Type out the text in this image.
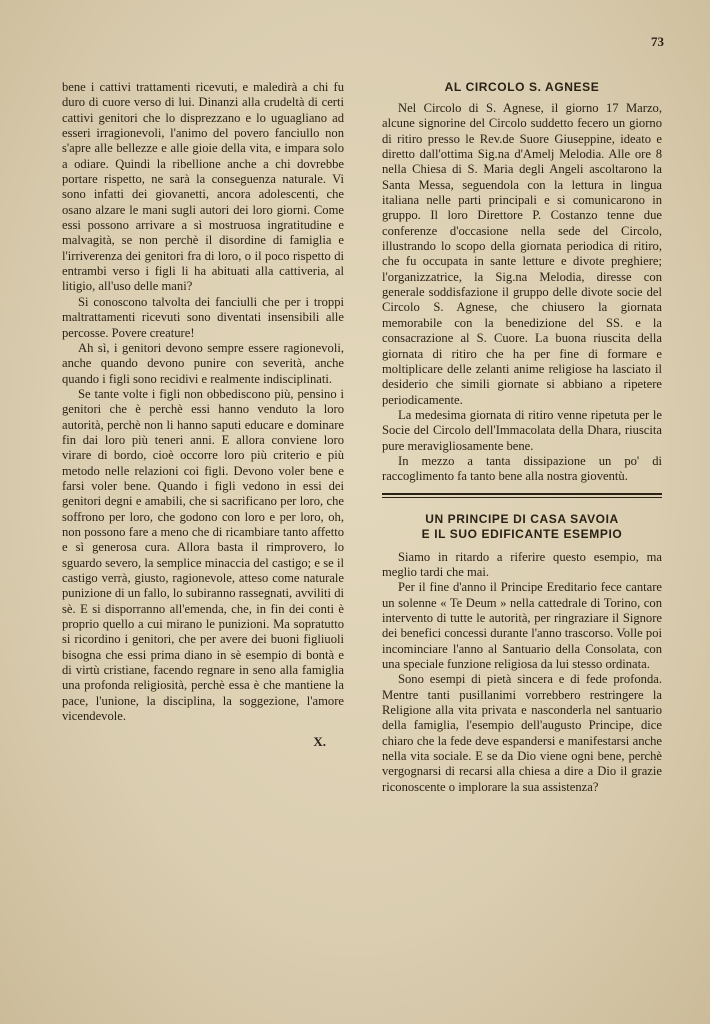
73

bene i cattivi trattamenti ricevuti, e maledirà a chi fu duro di cuore verso di lui. Dinanzi alla crudeltà di certi cattivi genitori che lo disprezzano e lo uguagliano ad esseri irragionevoli, l'animo del povero fanciullo non s'apre alle bellezze e alle gioie della vita, e impara solo a odiare. Quindi la ribellione anche a chi dovrebbe portare rispetto, ne sarà la conseguenza naturale. Vi sono infatti dei giovanetti, ancora adolescenti, che osano alzare le mani sugli autori dei loro giorni. Come essi possono arrivare a sì mostruosa ingratitudine e malvagità, se non perchè il disordine di famiglia e l'irriverenza dei genitori fra di loro, o il poco rispetto di entrambi verso i figli li ha abituati alla cattiveria, al litigio, all'uso delle mani?

Si conoscono talvolta dei fanciulli che per i troppi maltrattamenti ricevuti sono diventati insensibili alle percosse. Povere creature!

Ah sì, i genitori devono sempre essere ragionevoli, anche quando devono punire con severità, anche quando i figli sono recidivi e realmente indisciplinati.

Se tante volte i figli non obbediscono più, pensino i genitori che è perchè essi hanno venduto la loro autorità, perchè non li hanno saputi educare e dominare fin dai loro più teneri anni. E allora conviene loro virare di bordo, cioè occorre loro più criterio e più metodo nelle relazioni coi figli. Devono voler bene e farsi voler bene. Quando i figli vedono in essi dei genitori degni e amabili, che si sacrificano per loro, che soffrono per loro, che godono con loro e per loro, oh, non possono fare a meno che di ricambiare tanto affetto e sì generosa cura. Allora basta il rimprovero, lo sguardo severo, la semplice minaccia del castigo; e se il castigo verrà, giusto, ragionevole, atteso come naturale punizione di un fallo, lo subiranno rassegnati, avviliti di sè. E si disporranno all'emenda, che, in fin dei conti è proprio quello a cui mirano le punizioni. Ma sopratutto si ricordino i genitori, che per avere dei buoni figliuoli bisogna che essi prima diano in sè esempio di bontà e di virtù cristiane, facendo regnare in seno alla famiglia una profonda religiosità, perchè essa è che mantiene la pace, l'unione, la disciplina, la soggezione, l'amore vicendevole.

X.
AL CIRCOLO S. AGNESE

Nel Circolo di S. Agnese, il giorno 17 Marzo, alcune signorine del Circolo suddetto fecero un giorno di ritiro presso le Rev.de Suore Giuseppine, ideato e diretto dall'ottima Sig.na d'Amelj Melodia. Alle ore 8 nella Chiesa di S. Maria degli Angeli ascoltarono la Santa Messa, seguendola con la lettura in lingua italiana nelle parti principali e si comunicarono in gruppo. Il loro Direttore P. Costanzo tenne due conferenze d'occasione nella sede del Circolo, illustrando lo scopo della giornata periodica di ritiro, che fu occupata in sante letture e divote preghiere; l'organizzatrice, la Sig.na Melodia, diresse con generale soddisfazione il gruppo delle divote socie del Circolo S. Agnese, che chiusero la giornata memorabile con la benedizione del SS. e la consacrazione al S. Cuore. La buona riuscita della giornata di ritiro che ha per fine di formare e moltiplicare delle zelanti anime religiose ha lasciato il desiderio che simili giornate si abbiano a ripetere periodicamente.

La medesima giornata di ritiro venne ripetuta per le Socie del Circolo dell'Immacolata della Dhara, riuscita pure meravigliosamente bene.

In mezzo a tanta dissipazione un po' di raccoglimento fa tanto bene alla nostra gioventù.

UN PRINCIPE DI CASA SAVOIA
E IL SUO EDIFICANTE ESEMPIO

Siamo in ritardo a riferire questo esempio, ma meglio tardi che mai.

Per il fine d'anno il Principe Ereditario fece cantare un solenne « Te Deum » nella cattedrale di Torino, con intervento di tutte le autorità, per ringraziare il Signore dei benefici concessi durante l'anno trascorso. Volle poi incominciare l'anno al Santuario della Consolata, con una speciale funzione religiosa da lui stesso ordinata.

Sono esempi di pietà sincera e di fede profonda. Mentre tanti pusillanimi vorrebbero restringere la Religione alla vita privata e nasconderla nel santuario della famiglia, l'esempio dell'augusto Principe, dice chiaro che la fede deve espandersi e manifestarsi anche nella vita sociale. E se da Dio viene ogni bene, perchè vergognarsi di recarsi alla chiesa a dire a Dio il grazie riconoscente o implorare la sua assistenza?
